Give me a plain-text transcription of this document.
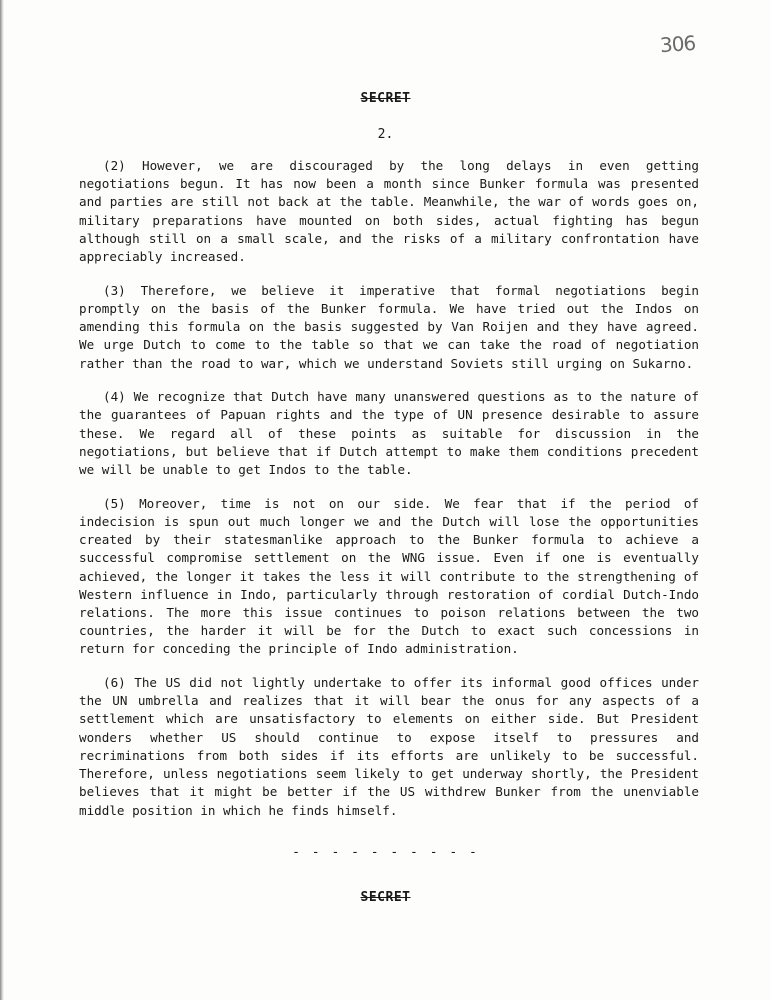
306
SECRET
2.

(2) However, we are discouraged by the long delays in even getting negotiations begun. It has now been a month since Bunker formula was presented and parties are still not back at the table. Meanwhile, the war of words goes on, military preparations have mounted on both sides, actual fighting has begun although still on a small scale, and the risks of a military confrontation have appreciably increased.

(3) Therefore, we believe it imperative that formal negotiations begin promptly on the basis of the Bunker formula. We have tried out the Indos on amending this formula on the basis suggested by Van Roijen and they have agreed. We urge Dutch to come to the table so that we can take the road of negotiation rather than the road to war, which we understand Soviets still urging on Sukarno.

(4) We recognize that Dutch have many unanswered questions as to the nature of the guarantees of Papuan rights and the type of UN presence desirable to assure these. We regard all of these points as suitable for discussion in the negotiations, but believe that if Dutch attempt to make them conditions precedent we will be unable to get Indos to the table.

(5) Moreover, time is not on our side. We fear that if the period of indecision is spun out much longer we and the Dutch will lose the opportunities created by their statesmanlike approach to the Bunker formula to achieve a successful compromise settlement on the WNG issue. Even if one is eventually achieved, the longer it takes the less it will contribute to the strengthening of Western influence in Indo, particularly through restoration of cordial Dutch-Indo relations. The more this issue continues to poison relations between the two countries, the harder it will be for the Dutch to exact such concessions in return for conceding the principle of Indo administration.

(6) The US did not lightly undertake to offer its informal good offices under the UN umbrella and realizes that it will bear the onus for any aspects of a settlement which are unsatisfactory to elements on either side. But President wonders whether US should continue to expose itself to pressures and recriminations from both sides if its efforts are unlikely to be successful. Therefore, unless negotiations seem likely to get underway shortly, the President believes that it might be better if the US withdrew Bunker from the unenviable middle position in which he finds himself.

- - - - - - - - - -
SECRET
